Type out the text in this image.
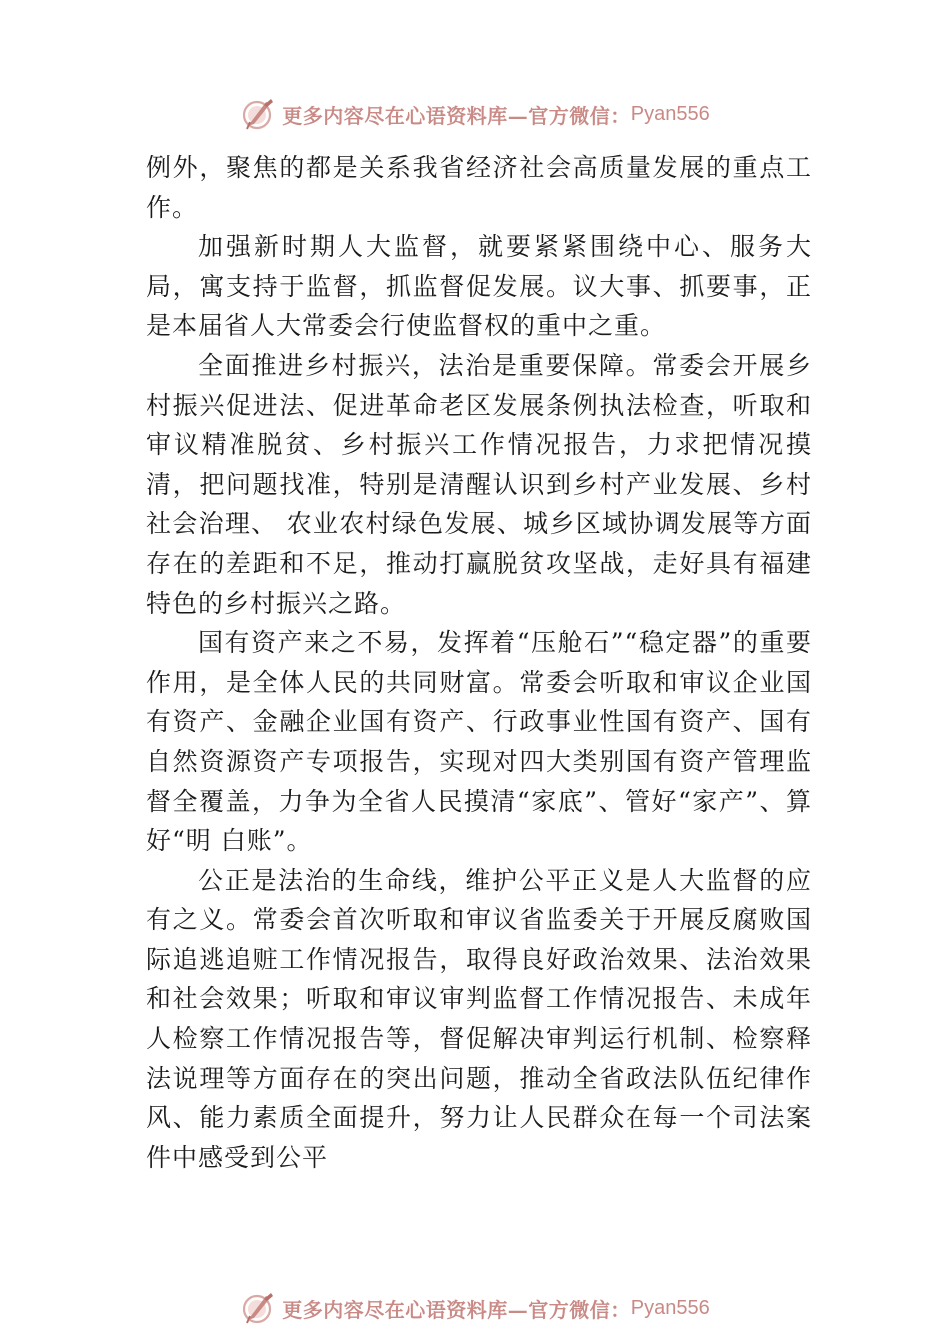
更多内容尽在心语资料库—官方微信： Pyan556

例外，聚焦的都是关系我省经济社会高质量发展的重点工作。

加强新时期人大监督，就要紧紧围绕中心、服务大局，寓支持于监督，抓监督促发展。议大事、抓要事，正是本届省人大常委会行使监督权的重中之重。

全面推进乡村振兴，法治是重要保障。常委会开展乡村振兴促进法、促进革命老区发展条例执法检查，听取和审议精准脱贫、乡村振兴工作情况报告，力求把情况摸清，把问题找准，特别是清醒认识到乡村产业发展、乡村社会治理、 农业农村绿色发展、城乡区域协调发展等方面存在的差距和不足，推动打赢脱贫攻坚战，走好具有福建特色的乡村振兴之路。

国有资产来之不易，发挥着“压舱石”“稳定器”的重要作用，是全体人民的共同财富。常委会听取和审议企业国有资产、金融企业国有资产、行政事业性国有资产、国有自然资源资产专项报告，实现对四大类别国有资产管理监督全覆盖，力争为全省人民摸清“家底”、管好“家产”、算好“明 白账”。

公正是法治的生命线，维护公平正义是人大监督的应有之义。常委会首次听取和审议省监委关于开展反腐败国际追逃追赃工作情况报告，取得良好政治效果、法治效果和社会效果；听取和审议审判监督工作情况报告、未成年人检察工作情况报告等，督促解决审判运行机制、检察释法说理等方面存在的突出问题，推动全省政法队伍纪律作风、能力素质全面提升，努力让人民群众在每一个司法案件中感受到公平

更多内容尽在心语资料库—官方微信： Pyan556
